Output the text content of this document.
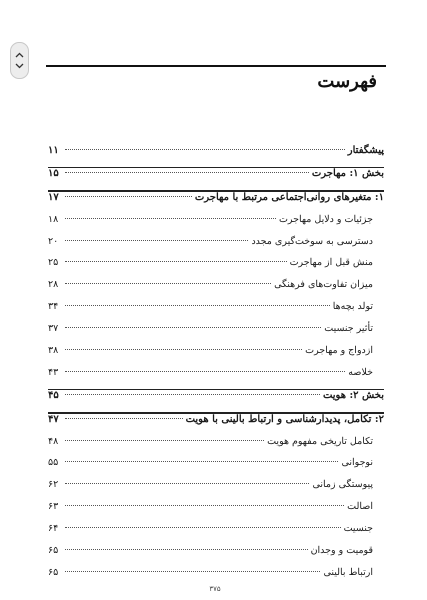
فهرست
پیشگفتار
۱۱
بخش ۱: مهاجرت
۱۵
۱: متغیرهای روانی‌اجتماعی مرتبط با مهاجرت
۱۷
جزئیات و دلایل مهاجرت
۱۸
دسترسی به سوخت‌گیری مجدد
۲۰
منش قبل از مهاجرت
۲۵
میزان تفاوت‌های فرهنگی
۲۸
تولد بچه‌ها
۳۴
تأثیر جنسیت
۳۷
ازدواج و مهاجرت
۳۸
خلاصه
۴۳
بخش ۲: هویت
۴۵
۲: تکامل، پدیدارشناسی و ارتباط بالینی با هویت
۴۷
تکامل تاریخی مفهوم هویت
۴۸
نوجوانی
۵۵
پیوستگی زمانی
۶۲
اصالت
۶۳
جنسیت
۶۴
قومیت و وجدان
۶۵
ارتباط بالینی
۶۵
۳۷۵
